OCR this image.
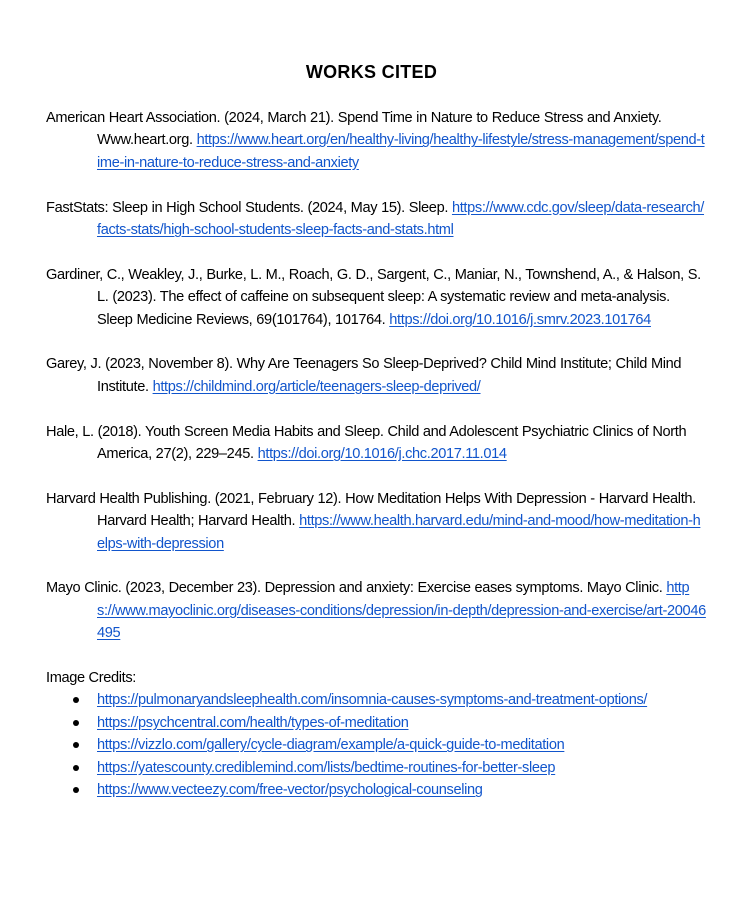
WORKS CITED

American Heart Association. (2024, March 21). Spend Time in Nature to Reduce Stress and Anxiety. Www.heart.org. https://www.heart.org/en/healthy-living/healthy-lifestyle/stress-management/spend-time-in-nature-to-reduce-stress-and-anxiety

FastStats: Sleep in High School Students. (2024, May 15). Sleep. https://www.cdc.gov/sleep/data-research/facts-stats/high-school-students-sleep-facts-and-stats.html

Gardiner, C., Weakley, J., Burke, L. M., Roach, G. D., Sargent, C., Maniar, N., Townshend, A., & Halson, S. L. (2023). The effect of caffeine on subsequent sleep: A systematic review and meta-analysis. Sleep Medicine Reviews, 69(101764), 101764. https://doi.org/10.1016/j.smrv.2023.101764

Garey, J. (2023, November 8). Why Are Teenagers So Sleep-Deprived? Child Mind Institute; Child Mind Institute. https://childmind.org/article/teenagers-sleep-deprived/

Hale, L. (2018). Youth Screen Media Habits and Sleep. Child and Adolescent Psychiatric Clinics of North America, 27(2), 229–245. https://doi.org/10.1016/j.chc.2017.11.014

Harvard Health Publishing. (2021, February 12). How Meditation Helps With Depression - Harvard Health. Harvard Health; Harvard Health. https://www.health.harvard.edu/mind-and-mood/how-meditation-helps-with-depression

Mayo Clinic. (2023, December 23). Depression and anxiety: Exercise eases symptoms. Mayo Clinic. https://www.mayoclinic.org/diseases-conditions/depression/in-depth/depression-and-exercise/art-20046495

Image Credits:

https://pulmonaryandsleephealth.com/insomnia-causes-symptoms-and-treatment-options/
https://psychcentral.com/health/types-of-meditation
https://vizzlo.com/gallery/cycle-diagram/example/a-quick-guide-to-meditation
https://yatescounty.crediblemind.com/lists/bedtime-routines-for-better-sleep
https://www.vecteezy.com/free-vector/psychological-counseling
